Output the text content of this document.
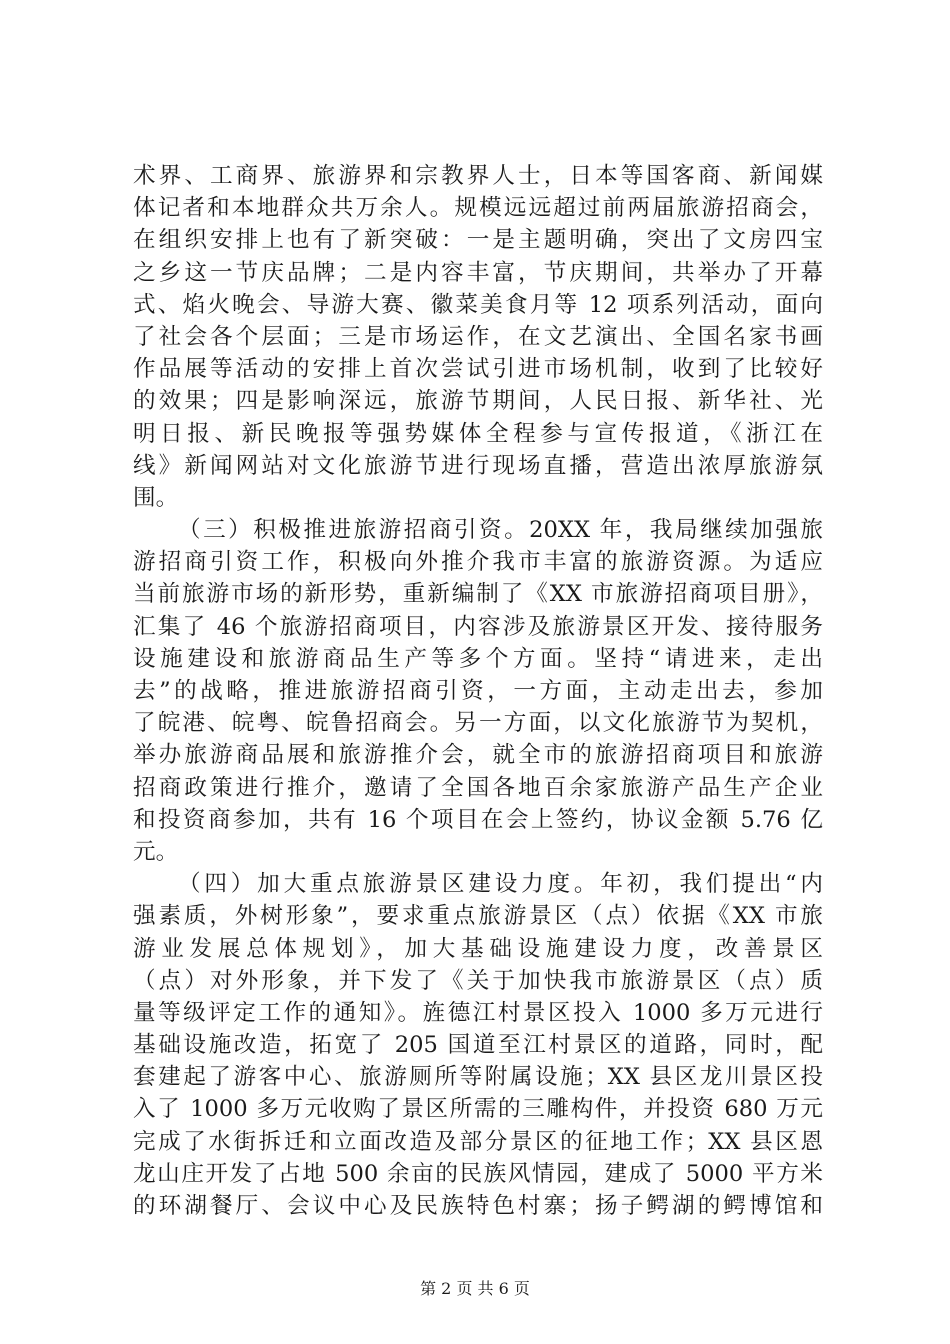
术界、工商界、旅游界和宗教界人士，日本等国客商、新闻媒
体记者和本地群众共万余人。规模远远超过前两届旅游招商会，
在组织安排上也有了新突破：一是主题明确，突出了文房四宝
之乡这一节庆品牌；二是内容丰富，节庆期间，共举办了开幕
式、焰火晚会、导游大赛、徽菜美食月等 12 项系列活动，面向
了社会各个层面；三是市场运作，在文艺演出、全国名家书画
作品展等活动的安排上首次尝试引进市场机制，收到了比较好
的效果；四是影响深远，旅游节期间，人民日报、新华社、光
明日报、新民晚报等强势媒体全程参与宣传报道，《浙江在
线》新闻网站对文化旅游节进行现场直播，营造出浓厚旅游氛
围。
（三）积极推进旅游招商引资。20XX 年，我局继续加强旅
游招商引资工作，积极向外推介我市丰富的旅游资源。为适应
当前旅游市场的新形势，重新编制了《XX 市旅游招商项目册》，
汇集了 46 个旅游招商项目，内容涉及旅游景区开发、接待服务
设施建设和旅游商品生产等多个方面。坚持“请进来，走出
去”的战略，推进旅游招商引资，一方面，主动走出去，参加
了皖港、皖粤、皖鲁招商会。另一方面，以文化旅游节为契机，
举办旅游商品展和旅游推介会，就全市的旅游招商项目和旅游
招商政策进行推介，邀请了全国各地百余家旅游产品生产企业
和投资商参加，共有 16 个项目在会上签约，协议金额 5.76 亿
元。
（四）加大重点旅游景区建设力度。年初，我们提出“内
强素质，外树形象”，要求重点旅游景区（点）依据《XX 市旅
游业发展总体规划》，加大基础设施建设力度，改善景区
（点）对外形象，并下发了《关于加快我市旅游景区（点）质
量等级评定工作的通知》。旌德江村景区投入 1000 多万元进行
基础设施改造，拓宽了 205 国道至江村景区的道路，同时，配
套建起了游客中心、旅游厕所等附属设施；XX 县区龙川景区投
入了 1000 多万元收购了景区所需的三雕构件，并投资 680 万元
完成了水街拆迁和立面改造及部分景区的征地工作；XX 县区恩
龙山庄开发了占地 500 余亩的民族风情园，建成了 5000 平方米
的环湖餐厅、会议中心及民族特色村寨；扬子鳄湖的鳄博馆和
第 2 页 共 6 页
